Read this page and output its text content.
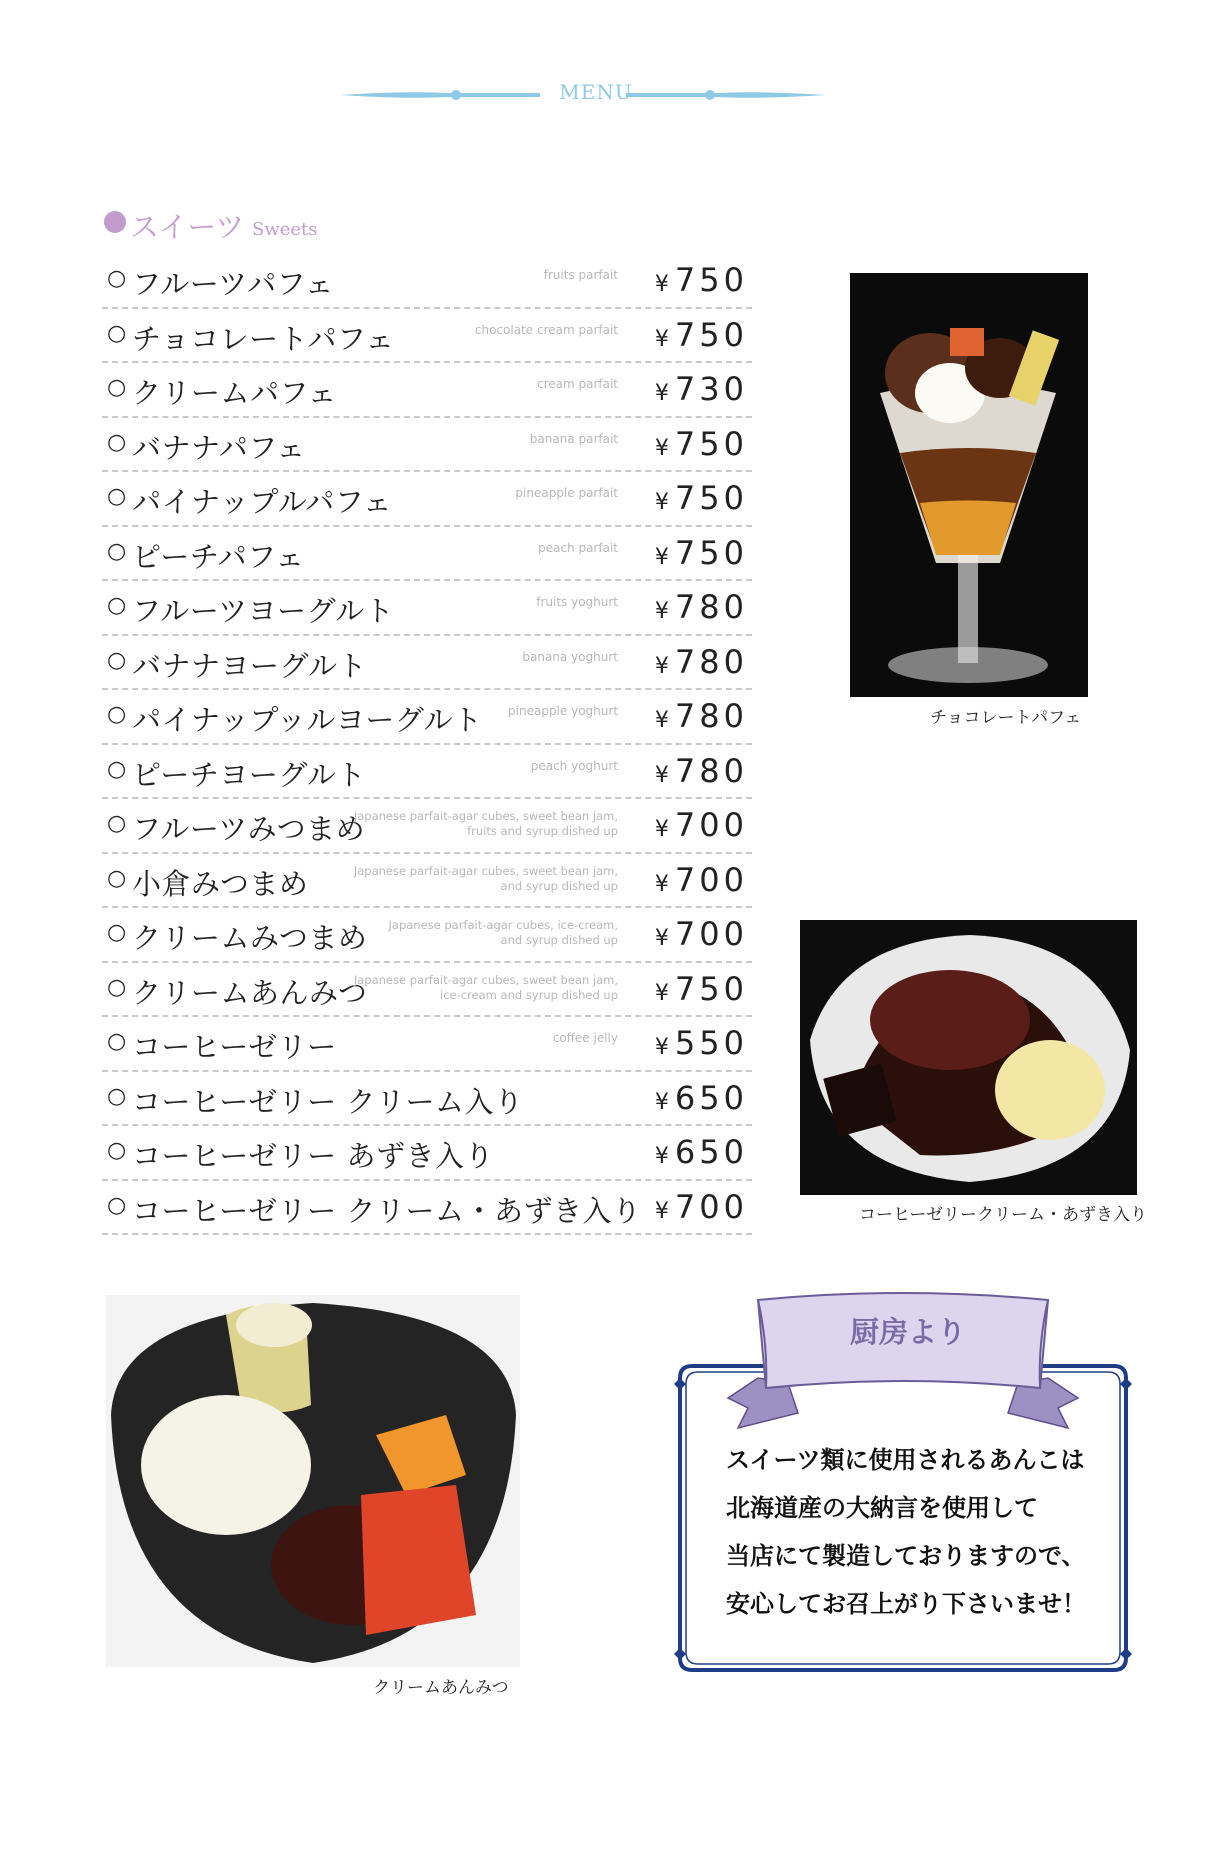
MENU
スイーツ Sweets
○ フルーツパフェ	fruits parfait ¥ 750
○ チョコレートパフェ	chocolate cream parfait ¥ 750
○ クリームパフェ	cream parfait ¥ 730
○ バナナパフェ	banana parfait ¥ 750
○ パイナップルパフェ	pineapple parfait ¥ 750
○ ピーチパフェ	peach parfait ¥ 750
○ フルーツヨーグルト	fruits yoghurt ¥ 780
○ バナナヨーグルト	banana yoghurt ¥ 780
○ パイナップッルヨーグルト pineapple yoghurt ¥ 780
○ ピーチヨーグルト	peach yoghurt ¥ 780
○ フルーツみつまめ
Japanese parfait-agar cubes, sweet bean jam,
fruits and syrup dished up ¥ 700
○ 小倉みつまめ	Japanese parfait-agar cubes, sweet bean jam,
and syrup dished up ¥ 700
○ クリームみつまめ Japanese parfait-agar cubes, ice-cream,
and syrup dished up ¥ 700
○ クリームあんみつ
Japanese parfait-agar cubes, sweet bean jam,
ice-cream and syrup dished up ¥ 750
○ コーヒーゼリー	coffee jelly ¥ 550
○ コーヒーゼリー クリーム入り	¥ 650
○ コーヒーゼリー あずき入り	¥ 650
○ コーヒーゼリー クリーム・あずき入り ¥ 700
チョコレートパフェ
コーヒーゼリークリーム・あずき入り
クリームあんみつ
厨房より
スイーツ類に使用されるあんこは
北海道産の大納言を使用して
当店にて製造しておりますので、
安心してお召上がり下さいませ！
